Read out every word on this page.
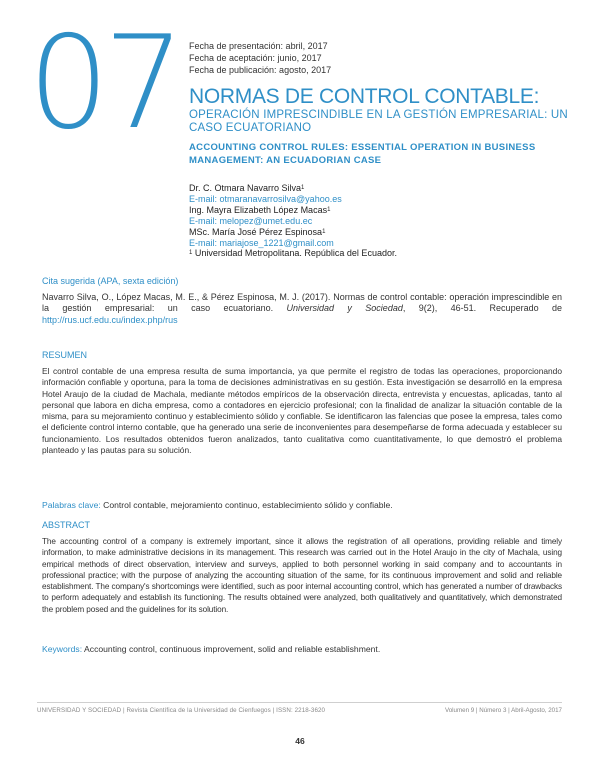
07 Fecha de presentación: abril, 2017
Fecha de aceptación: junio, 2017
Fecha de publicación: agosto, 2017
NORMAS DE CONTROL CONTABLE:
OPERACIÓN IMPRESCINDIBLE EN LA GESTIÓN EMPRESARIAL: UN CASO ECUATORIANO
ACCOUNTING CONTROL RULES: ESSENTIAL OPERATION IN BUSINESS MANAGEMENT: AN ECUADORIAN CASE
Dr. C. Otmara Navarro Silva$^1$
E-mail: otmaranavarrosilva@yahoo.es
Ing. Mayra Elizabeth López Macas$^1$
E-mail: melopez@umet.edu.ec
MSc. María José Pérez Espinosa$^1$
E-mail: mariajose_1221@gmail.com
$^1$ Universidad Metropolitana. República del Ecuador.
Cita sugerida (APA, sexta edición)
Navarro Silva, O., López Macas, M. E., & Pérez Espinosa, M. J. (2017). Normas de control contable: operación imprescindible en la gestión empresarial: un caso ecuatoriano. Universidad y Sociedad, 9(2), 46-51. Recuperado de http://rus.ucf.edu.cu/index.php/rus
RESUMEN
El control contable de una empresa resulta de suma importancia, ya que permite el registro de todas las operaciones, proporcionando información confiable y oportuna, para la toma de decisiones administrativas en su gestión. Esta investigación se desarrolló en la empresa Hotel Araujo de la ciudad de Machala, mediante métodos empíricos de la observación directa, entrevista y encuestas, aplicadas, tanto al personal que labora en dicha empresa, como a contadores en ejercicio profesional; con la finalidad de analizar la situación contable de la misma, para su mejoramiento continuo y establecimiento sólido y confiable. Se identificaron las falencias que posee la empresa, tales como el deficiente control interno contable, que ha generado una serie de inconvenientes para desempeñarse de forma adecuada y establecer su funcionamiento. Los resultados obtenidos fueron analizados, tanto cualitativa como cuantitativamente, lo que demostró el problema planteado y las pautas para su solución.
Palabras clave: Control contable, mejoramiento continuo, establecimiento sólido y confiable.
ABSTRACT
The accounting control of a company is extremely important, since it allows the registration of all operations, providing reliable and timely information, to make administrative decisions in its management. This research was carried out in the Hotel Araujo in the city of Machala, using empirical methods of direct observation, interview and surveys, applied to both personnel working in said company and to accountants in professional practice; with the purpose of analyzing the accounting situation of the same, for its continuous improvement and solid and reliable establishment. The company's shortcomings were identified, such as poor internal accounting control, which has generated a number of drawbacks to perform adequately and establish its functioning. The results obtained were analyzed, both qualitatively and quantitatively, which demonstrated the problem posed and the guidelines for its solution.
Keywords: Accounting control, continuous improvement, solid and reliable establishment.
UNIVERSIDAD Y SOCIEDAD | Revista Científica de la Universidad de Cienfuegos | ISSN: 2218-3620	Volumen 9 | Número 3 | Abril-Agosto, 2017
46
